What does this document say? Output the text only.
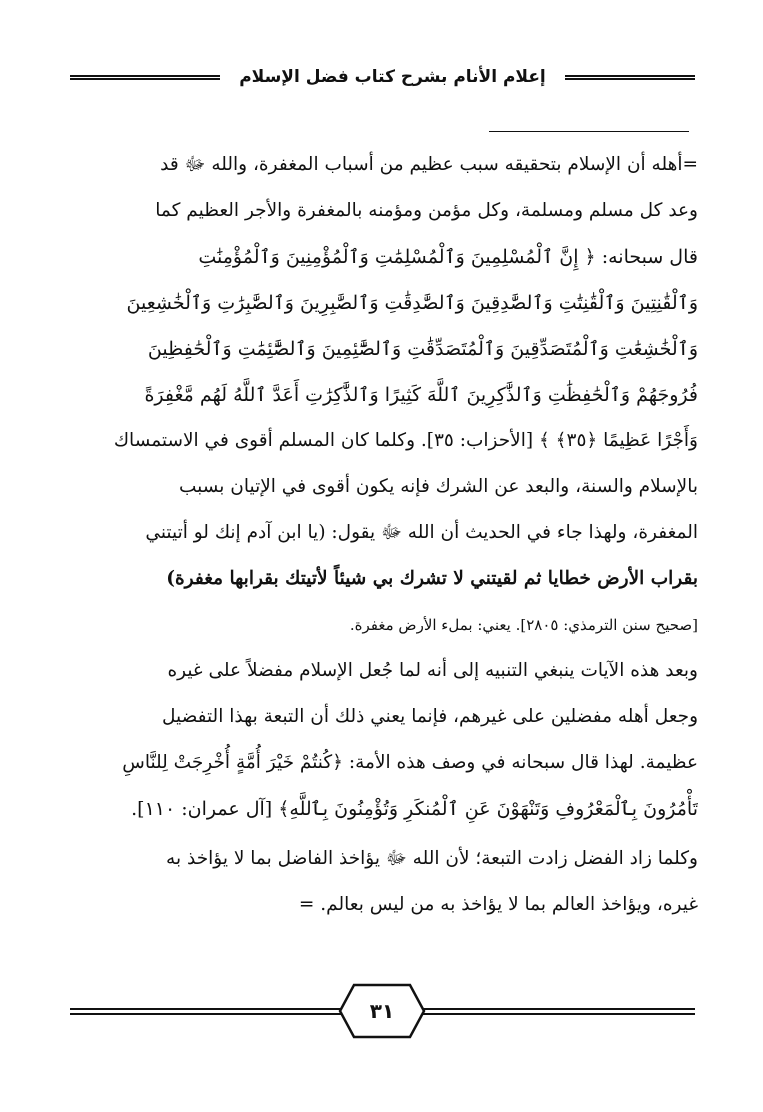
إعلام الأنام بشرح كتاب فضل الإسلام
=أهله أن الإسلام بتحقيقه سبب عظيم من أسباب المغفرة، والله ﷻ قد
وعد كل مسلم ومسلمة، وكل مؤمن ومؤمنه بالمغفرة والأجر العظيم كما
قال سبحانه: ﴿ إِنَّ ٱلْمُسْلِمِينَ وَٱلْمُسْلِمَٰتِ وَٱلْمُؤْمِنِينَ وَٱلْمُؤْمِنَٰتِ
وَٱلْقَٰنِتِينَ وَٱلْقَٰنِتَٰتِ وَٱلصَّٰدِقِينَ وَٱلصَّٰدِقَٰتِ وَٱلصَّٰبِرِينَ وَٱلصَّٰبِرَٰتِ وَٱلْخَٰشِعِينَ
وَٱلْخَٰشِعَٰتِ وَٱلْمُتَصَدِّقِينَ وَٱلْمُتَصَدِّقَٰتِ وَٱلصَّٰٓئِمِينَ وَٱلصَّٰٓئِمَٰتِ وَٱلْحَٰفِظِينَ
فُرُوجَهُمْ وَٱلْحَٰفِظَٰتِ وَٱلذَّٰكِرِينَ ٱللَّهَ كَثِيرًا وَٱلذَّٰكِرَٰتِ أَعَدَّ ٱللَّهُ لَهُم مَّغْفِرَةً
وَأَجْرًا عَظِيمًا ﴿٣٥﴾ ﴾ [الأحزاب: ٣٥]. وكلما كان المسلم أقوى في الاستمساك
بالإسلام والسنة، والبعد عن الشرك فإنه يكون أقوى في الإتيان بسبب
المغفرة، ولهذا جاء في الحديث أن الله ﷻ يقول: (يا ابن آدم إنك لو أتيتني
بقراب الأرض خطايا ثم لقيتني لا تشرك بي شيئاً لأتيتك بقرابها مغفرة)
[صحيح سنن الترمذي: ٢٨٠٥]. يعني: بملء الأرض مغفرة.
وبعد هذه الآيات ينبغي التنبيه إلى أنه لما جُعل الإسلام مفضلاً على غيره
وجعل أهله مفضلين على غيرهم، فإنما يعني ذلك أن التبعة بهذا التفضيل
عظيمة. لهذا قال سبحانه في وصف هذه الأمة: ﴿كُنتُمْ خَيْرَ أُمَّةٍ أُخْرِجَتْ لِلنَّاسِ
تَأْمُرُونَ بِٱلْمَعْرُوفِ وَتَنْهَوْنَ عَنِ ٱلْمُنكَرِ وَتُؤْمِنُونَ بِٱللَّهِ﴾ [آل عمران: ١١٠].
وكلما زاد الفضل زادت التبعة؛ لأن الله ﷻ يؤاخذ الفاضل بما لا يؤاخذ به
غيره، ويؤاخذ العالم بما لا يؤاخذ به من ليس بعالم. =
٣١
